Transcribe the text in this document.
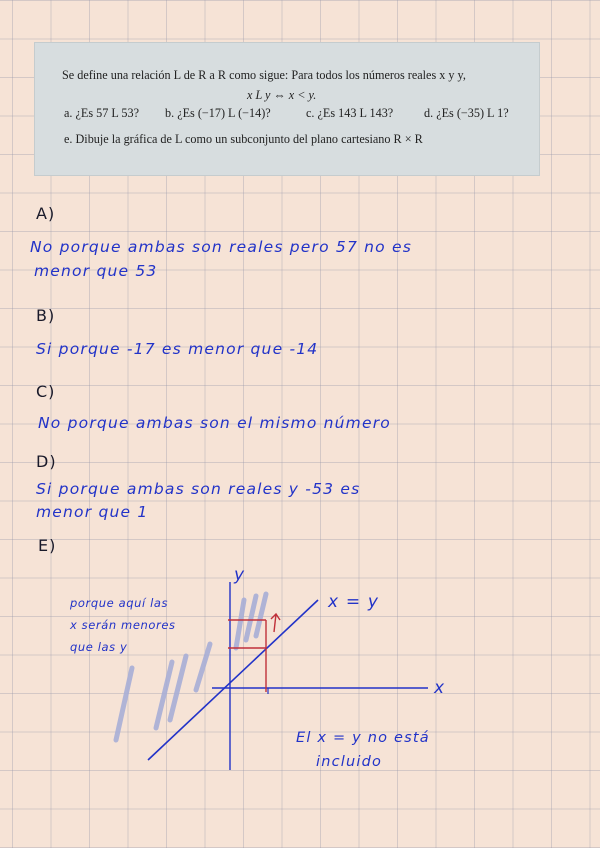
Se define una relación L de R a R como sigue: Para todos los números reales x y y,
x L y ⇔ x < y.
a. ¿Es 57 L 53? b. ¿Es (−17) L (−14)?	c. ¿Es 143 L 143?	d. ¿Es (−35) L 1?
e. Dibuje la gráfica de L como un subconjunto del plano cartesiano R × R
A)
No porque ambas son reales pero 57 no es
menor que 53
B)
Si porque -17 es menor que -14
C)
No porque ambas son el mismo número
D)
Si porque ambas son reales y -53 es
menor que 1
E)
y
x
x = y
porque aquí las
x serán menores
que las y
El x = y no está
incluido
